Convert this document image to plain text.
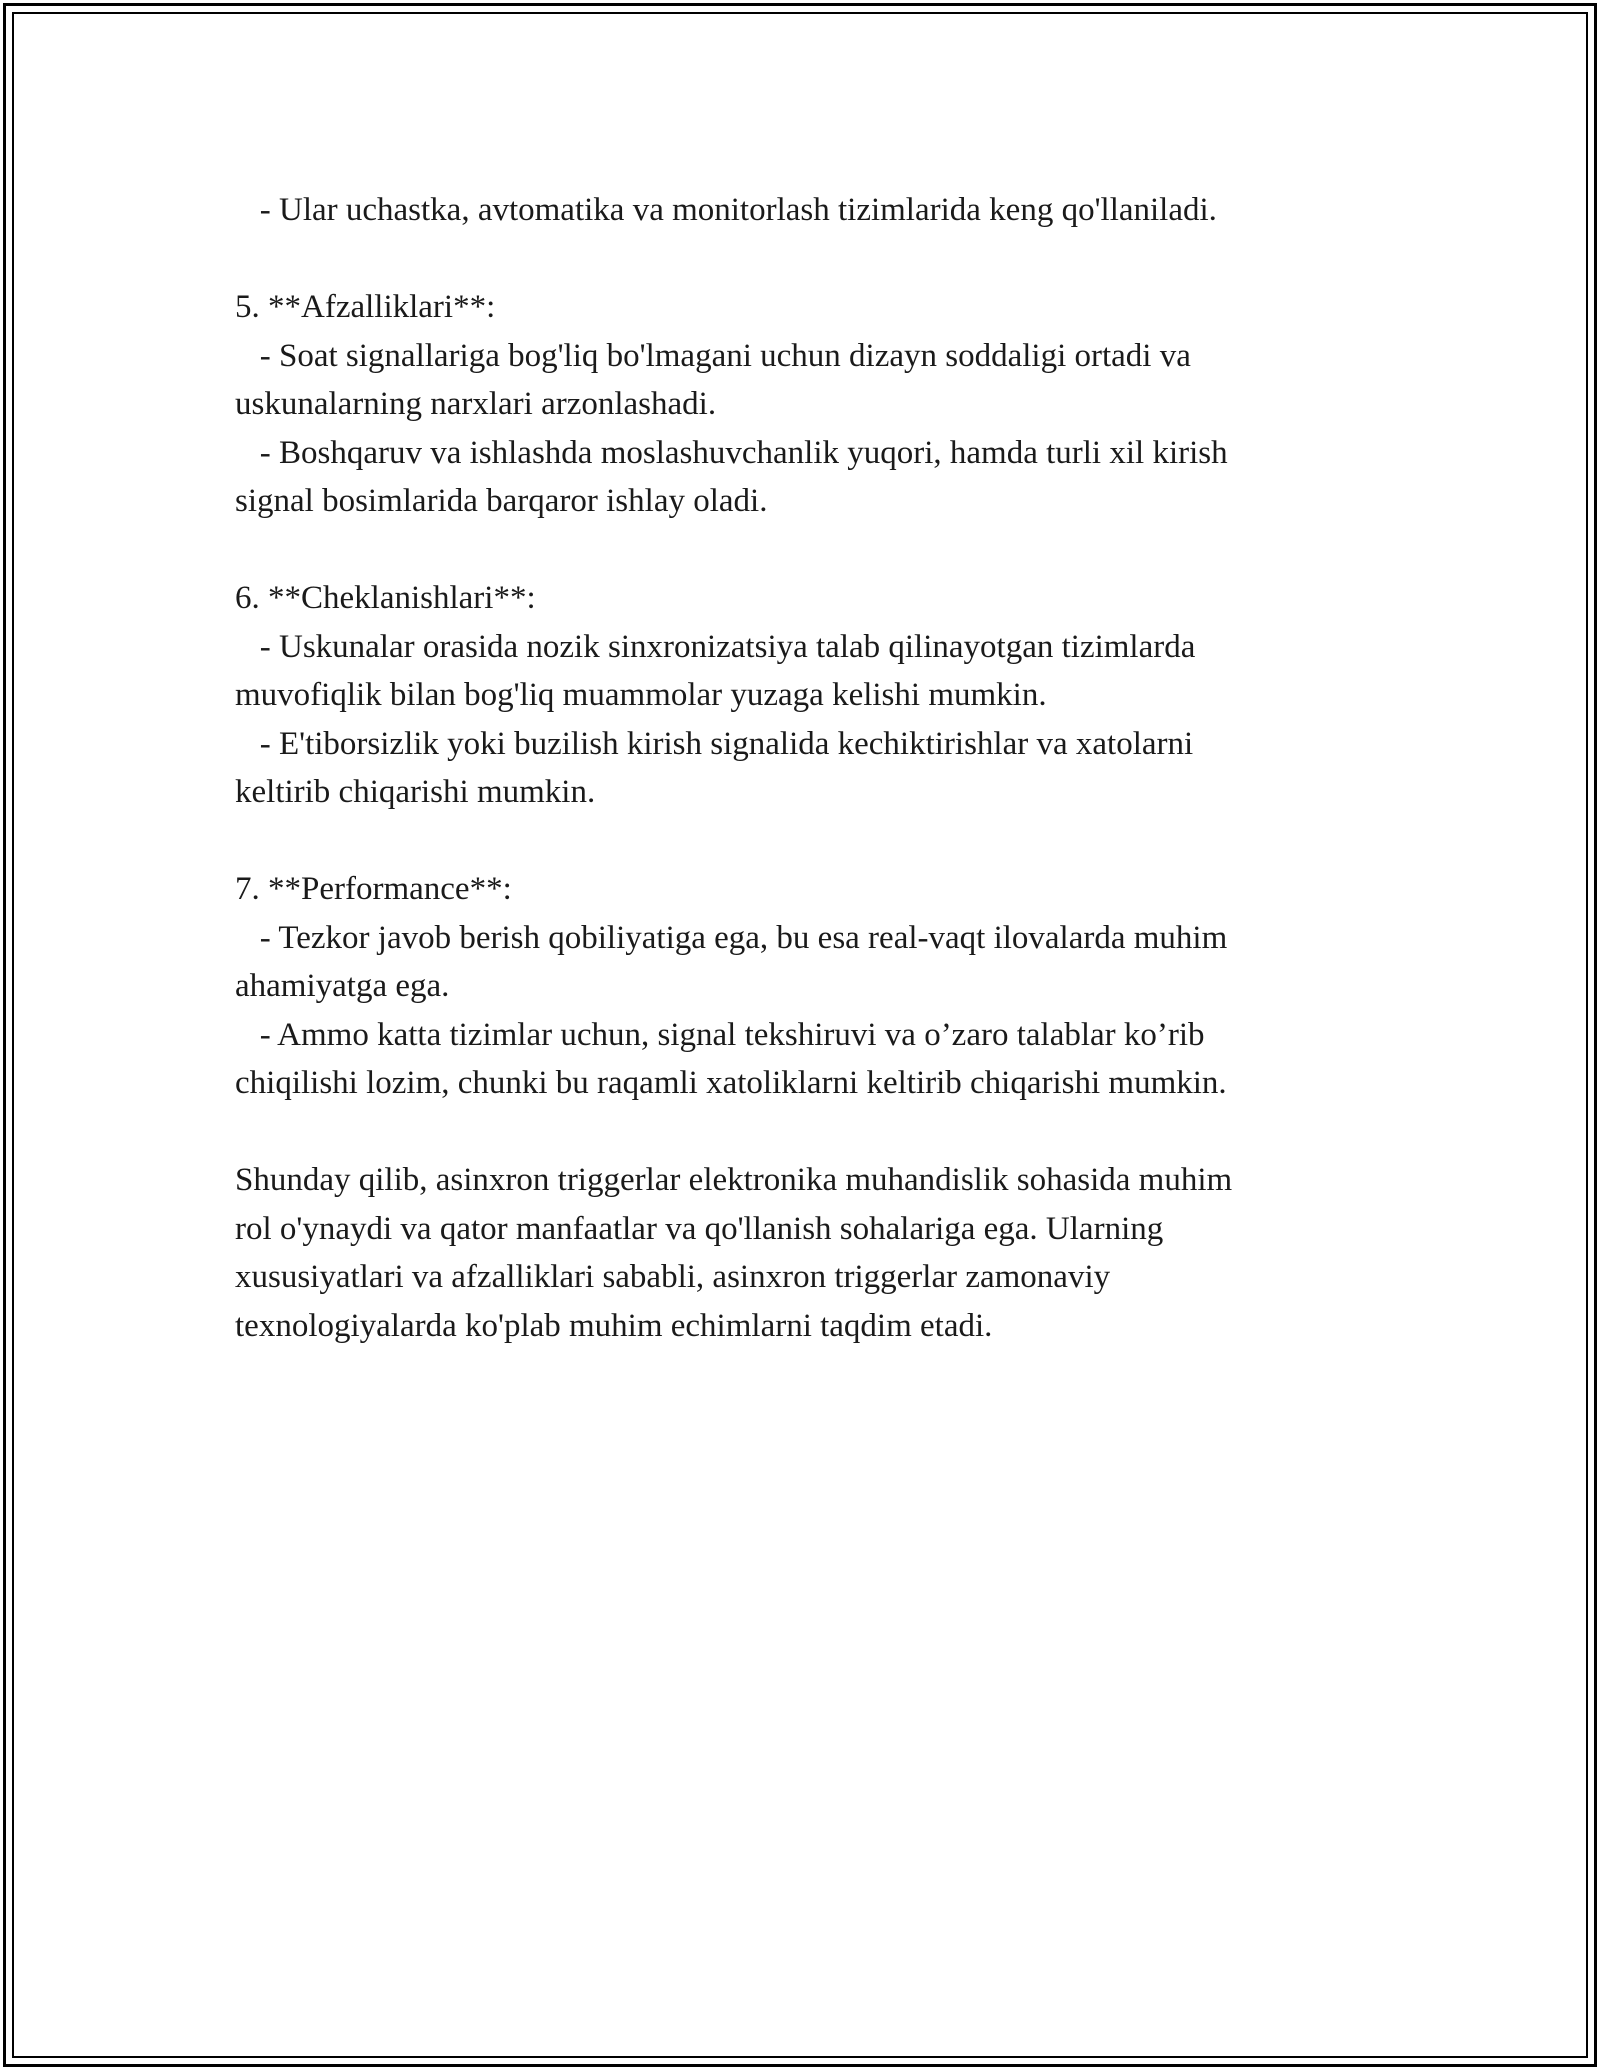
- Ular uchastka, avtomatika va monitorlash tizimlarida keng qo'llaniladi.
5. **Afzalliklari**:
- Soat signallariga bog'liq bo'lmagani uchun dizayn soddaligi ortadi va
uskunalarning narxlari arzonlashadi.
- Boshqaruv va ishlashda moslashuvchanlik yuqori, hamda turli xil kirish
signal bosimlarida barqaror ishlay oladi.
6. **Cheklanishlari**:
- Uskunalar orasida nozik sinxronizatsiya talab qilinayotgan tizimlarda
muvofiqlik bilan bog'liq muammolar yuzaga kelishi mumkin.
- E'tiborsizlik yoki buzilish kirish signalida kechiktirishlar va xatolarni
keltirib chiqarishi mumkin.
7. **Performance**:
- Tezkor javob berish qobiliyatiga ega, bu esa real-vaqt ilovalarda muhim
ahamiyatga ega.
- Ammo katta tizimlar uchun, signal tekshiruvi va o’zaro talablar ko’rib
chiqilishi lozim, chunki bu raqamli xatoliklarni keltirib chiqarishi mumkin.
Shunday qilib, asinxron triggerlar elektronika muhandislik sohasida muhim
rol o'ynaydi va qator manfaatlar va qo'llanish sohalariga ega. Ularning
xususiyatlari va afzalliklari sababli, asinxron triggerlar zamonaviy
texnologiyalarda ko'plab muhim echimlarni taqdim etadi.
